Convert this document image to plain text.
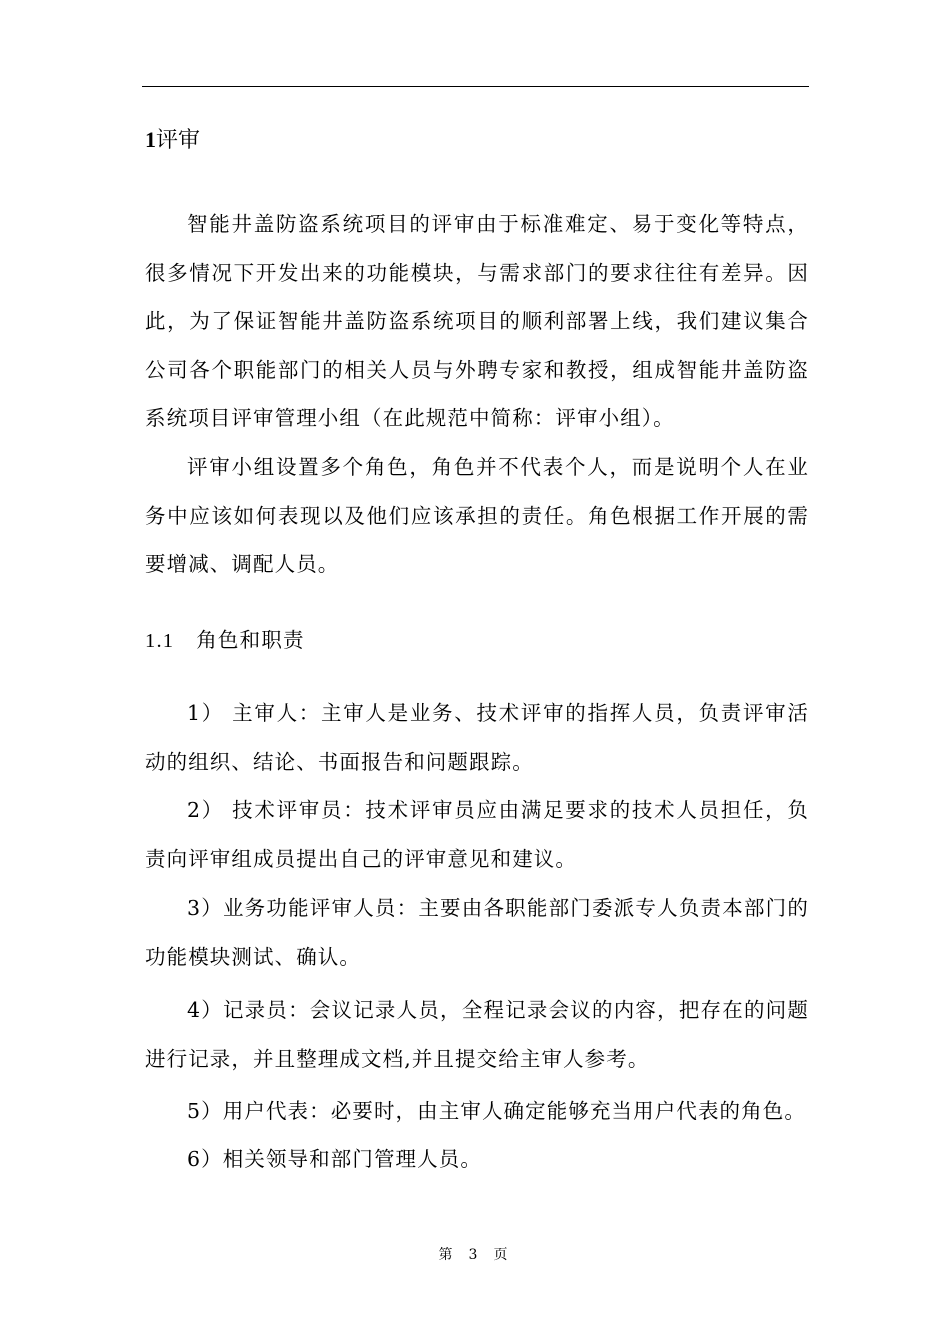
1评审

智能井盖防盗系统项目的评审由于标准难定、易于变化等特点，很多情况下开发出来的功能模块，与需求部门的要求往往有差异。因此，为了保证智能井盖防盗系统项目的顺利部署上线，我们建议集合公司各个职能部门的相关人员与外聘专家和教授，组成智能井盖防盗系统项目评审管理小组（在此规范中简称：评审小组）。

评审小组设置多个角色，角色并不代表个人，而是说明个人在业务中应该如何表现以及他们应该承担的责任。角色根据工作开展的需要增减、调配人员。

1.1 角色和职责

1） 主审人：主审人是业务、技术评审的指挥人员，负责评审活动的组织、结论、书面报告和问题跟踪。

2） 技术评审员：技术评审员应由满足要求的技术人员担任，负责向评审组成员提出自己的评审意见和建议。

3）业务功能评审人员：主要由各职能部门委派专人负责本部门的功能模块测试、确认。

4）记录员：会议记录人员，全程记录会议的内容，把存在的问题进行记录，并且整理成文档,并且提交给主审人参考。

5）用户代表：必要时，由主审人确定能够充当用户代表的角色。

6）相关领导和部门管理人员。

第 3 页
